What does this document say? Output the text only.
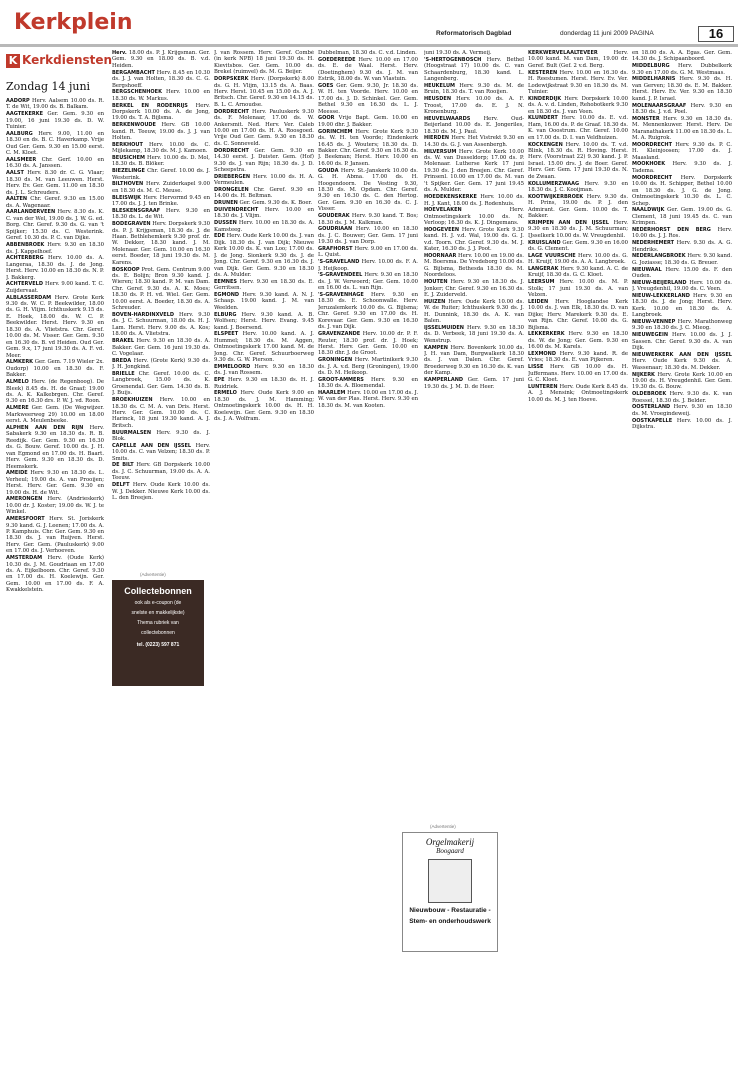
Kerkplein	Reformatorisch Dagblad	donderdag 11 juni 2009 PAGINA	16
K Kerkdiensten
Zondag 14 juni

AADORP Herv. Aalsem 10.00 ds. R. T. de Wit, 19.00 ds. B. Balkam.

AAGTEKERKE Ger. Gem. 9.30 en 19.00, 16 juni 19.30 ds. D. W. Tuinier.

AALBURG Herv. 9.00, 11.00 en 18.30 en ds. B. C. Haverkamp. Vrije Oud Ger. Gem. 9.30 en 15.00 eerst. C. M. Kloet.

AALSMEER Chr. Gerf. 10.00 en 16.30 ds. A. Janssen.

AALST Herv. 8.30 dr. C. G. Vlaar; 18.30 ds. M. van Leeuwen. Herst. Herv. Ev. Ger. Gem. 11.00 en 18.30 ds. J. L. Schreuders.

AALTEN Chr. Geref. 9.30 en 15.00 ds. A. Wagenaar.

AARLANDERVEEN Herv. 8.30 ds. K. C. van der Wel, 19.00 ds. J. W. G. ed. Borg. Chr. Geref. 9.30 ds. G. van 't Spijker; 15.30 ds. C. Westerink. Geref. 10.30 ds. P. C. van Dijke.

ABBENBROEK Herv. 9.30 en 18.30 ds. J. Kappelhoef.

ACHTERBERG Herv. 10.00 ds. A. Langeraa, 18.30 ds. J. de Jong. Herst. Herv. 10.00 en 18.30 ds. N. P. J. Bakkerg.

ACHTERVELD Herv. 9.00 kand. T. C. Zuijdervaat.

ALBLASSERDAM Herv. Grote Kerk 9.30 ds. W. C. P. Beekwilder, 18.00 ds. G. H. Vlijm. Ichthuskerk 9.15 ds. E. Hoek, 18.00 ds. W. C. P. Beekwilder. Herst. Herv. 9.30 en 18.30 ds. A. Vlietstra. Chr. Geref. 10.00 ds. M. Visser. Ger. Gem. 9.30 en 16.30 ds. B. vd Heiden. Oud Ger. Gem. 9.x, 17 juni 19.30 ds. A. F. vd. Meer.

ALMKERK Ger. Gem. 7.19 Wieler 2x. Oudorp) 10.00 en 18.30 ds. F. Bakker.

ALMELO Herv. (de Regenboog). De Bleek) 8.45 ds. H. de Graaf; 19.00 ds. A. K. Kalkebrgen. Chr. Geref. 9.30 en 16.30 drs. P. W. J. vd. Roon.

ALMERE Ger. Gem. (De Wegwijzer. Markweerweg 29) 10.00 en 18.00 eerst. A. Meulenbeeke.

ALPHEN AAN DEN RIJN Herv. Sabakerk 9.30 en 18.30 ds. R. B. Reedijk. Ger. Gem. 9.30 en 16.30 ds. G. Bouw. Geref. 10.00 ds. J. H. van Egmond en 17.00 ds. H. Baart. Herv. Gem. 9.30 en 18.30 ds. D. Heemskerk.

AMEIDE Herv. 9.30 en 18.30 ds. L. Verheul; 19.00 ds. A. van Prooijen; Herst. Herv. Ger. Gem. 9.30 en 19.00 ds. H. de Wit.

AMERONGEN Herv. (Andrieskerk) 10.00 dr. J. Koster; 19.00 ds. W. J. te Winkel.

AMERSFOORT Herv. St. Joriskerk 9.30 kand. G. J. Leenen; 17.00 ds. A. P. Kamphuis. Chr. Ger. Gem. 9.30 en 18.30 ds. J. van Ruijven. Herst. Herv. Ger. Gem. (Pauluskerk) 9.00 en 17.00 ds. J. Verhoeven.

AMSTERDAM Herv. (Oude Kerk) 10.30 ds. J. M. Goudriaan en 17.00 ds. A. Eijkelboom. Chr. Geref. 9.30 en 17.00 ds. H. Koelewijn. Ger. Gem. 10.00 en 17.00 ds. F. A. Kwakkelstein.

Herv. 18.00 ds. P. J. Krijgsman. Ger. Gem. 9.30 en 18.00 ds. B. v.d. Heiden.

BERGAMBACHT Herv. 8.45 en 10.30 ds. J. J. van Holten, 18.30 ds. C. G. Bergshoeff.

BERGSCHENHOEK Herv. 10.00 en 18.30 ds. W. Markus.

BERKEL EN RODENRIJS Herv. Dorpskerk 10.00 ds. A. de Jong, 19.00 ds. T. A. Bijlsma.

BERKENWOUDE Herv. GB 10.00 kand. R. Teeuw, 19.00 ds. J. J. van Holten.

BERKHOUT Herv. 10.00 ds. C. Mijlekamp, 18.30 ds. M. J. Kamoen.

BEUSICHEM Herv. 10.00 ds. D. Mol, 18.30 ds. B. Blöker.

BIEZELINGE Chr. Geref. 10.00 ds. J. Westerink.

BILTHOVEN Herv. Zuiderkapel 9.00 en 18.30 ds. M. C. Meuse.

BLEISWIJK Herv. Hervormd 9.45 en 17.00 ds. J. J. ten Brinke.

BLESKENSGRAAF Herv. 9.30 en 18.30 ds. L. de Wit.

BODEGRAVEN Herv. Dorpskerk 9.30 ds. P. J. Krijgsman, 18.30 ds. J. de Haan. Bethlehemkerk 9.30 prof. dr. W. Dekker, 18.30 kand. J. M. Molenaar. Ger. Gem. 10.00 en 16.30 eerst. Boeder, 18 juni 19.30 ds. M. Karens.

BOSKOOP Prot. Gem. Centrum 9.00 ds. E. Bolijn; Bron 9.30 kand. J. Wieren; 18.30 kand. P. M. van Dam. Chr. Geref. 9.30 ds. A. K. Moes; 18.30 ds. P. H. vd. Wiel. Ger. Gem. 10.00 eerst. A. Boeder, 18.30 ds. A. Schreuder.

BOVEN-HARDINXVELD Herv. 9.30 ds. J. C. Schuurman, 18.00 ds. H. J. Lam. Herst. Herv. 9.00 ds. A. Kos; 18.00 ds. A. Vlietstra.

BRAKEL Herv. 9.30 en 18.30 ds. A. Bakker. Ger. Gem. 16 juni 19.30 ds. C. Vogelaar.

BREDA Herv. (Grote Kerk) 9.30 ds. J. H. Jongkind.

BRIELLE Chr. Geref. 10.00 ds. C. Langbroek, 15.00 ds. K. Groenendal. Ger. Gem. 14.30 ds. B. J. Buijs.

BROEKHUIZEN Herv. 10.00 en 18.30 ds. C. M. A. van Dris. Herst. Herv. Ger. Gem. 10.00 ds. C. Harinck, 18 juni 19.30 kand. A. J. Britsch.

BUURMALSEN Herv. 9.30 ds. J. Blok.

CAPELLE AAN DEN IJSSEL Herv. 10.00 ds. C. van Velzen; 18.30 ds. P. Smits.

DE BILT Herv. GB Dorpskerk 10.00 ds. J. C. Schuurman, 19.00 ds. A. A. Teeuw.

DELFT Herv. Oude Kerk 10.00 ds. W. J. Dekker. Nieuwe Kerk 10.00 ds. L. den Breejen.

J. van Rossem. Herv. Geref. Combé (in kerk NPB) 18 juni 19.30 ds. H. Kievitsbos. Ger. Gem. 10.00 ds. Brekel (ruimvel) ds. M. G. Beijer.

DORPSKERK Herv. (Dorpskerk) 8.00 ds. G. H. Vlijm, 13.15 ds. A. Baas. Herv. Herst. 10.45 en 15.00 ds. A. J. Britsch. Chr. Geref. 9.30 en 14.15 ds. B. L. C. Arnoudse.

DORDRECHT Herv. Pauluskerk 9.30 ds. F. Molenaar, 17.00 ds. W. Ankersmit. Ned. Herv. Ver. Caleb 10.00 en 17.00 ds. H. A. Roosgoed. Vrije Oud Ger. Gem. 9.30 en 18.30 ds. C. Sonneveld.

DORDRECHT Ger. Gem. 9.30 en 14.30 eerst. J. Duister. Gem. (Hof) 9.30 ds. J. van Rijn; 18.30 ds. J. D. Scheepstra.

DRIEBERGEN Herv. 10.00 ds. H. A. Vermeulen.

DRONGELEN Chr. Geref. 9.30 en 14.00 ds. H. Beltman.

DRUNEN Ger. Gem. 9.30 ds. K. Boer.

DUIVENDRECHT Herv. 10.00 en 18.30 ds. J. Vlijm.

DUSSEN Herv. 10.00 en 18.30 ds. A. Kamsteeg.

EDE Herv. Oude Kerk 10.00 ds. J. van Dijk. 18.30 ds. J. van Dijk; Nieuwe Kerk 10.00 ds. K. van Loo; 17.00 ds. J. de Jong. Sionkerk 9.30 ds. J. de Jong. Chr. Geref. 9.30 en 16.30 ds. J. van Dijk. Ger. Gem. 9.30 en 18.30 ds. A. Mulder.

EEMNES Herv. 9.30 en 18.30 ds. E. Gerritsen.

EGMOND Herv. 9.30 kand. A. N. J. Schaap. 19.00 kand. J. M. van Weelden.

ELBURG Herv. 9.30 kand. A. B. Wolfsen; Herst. Herv. Evang. 9.45 kand. J. Boersend.

ELSPEET Herv. 10.00 kand. A. J. Hummel; 18.30 ds. M. Aggen, Ontmoetingskerk 17.00 kand. M. de Jong. Chr. Geref. Schuurboerweg 9.30 ds. G. W. Pierson.

EMMELOORD Herv. 9.30 en 18.30 ds. J. van Rossem.

EPE Herv. 9.30 en 18.30 ds. H. J. Ruidriek.

ERMELO Herv. Oude Kerk 9.00 en 18.30 ds. J. M. Hamming; Ontmoetingskerk 10.00 ds. H. H. Koelewijn. Ger. Gem. 9.30 en 18.30 ds. J. A. Wolfram.

Dubbelman, 18.30 ds. C. v.d. Linden.

GOEDEREEDE Herv. 10.00 en 17.00 ds. E. de Waal. Herst. Herv. (Doetinghem) 9.30 ds. J. M. van Estrik, 18.00 ds. W. van Vlastuin.

GOES Ger. Gem. 9.30, Jr. 18.30 ds. W. H. ten Voorde. Herv. 10.00 en 17.00 ds. J. D. Schinkel. Ger. Gem. Bethel 9.30 en 16.30 ds. L. J. Meesse.

GOOR Vrije Bapt. Gem. 10.00 en 19.00 dhr. J. Bakker.

GORINCHEM Herv. Grote Kerk 9.30 ds. W. H. ten Voorde; Eindenkerk 16.45 ds. J. Wouters; 18.30 ds. D. Bakker. Chr. Geref. 9.30 en 16.30 ds. J. Beekman; Herst. Herv. 10.00 en 16.00 ds. P. Jansen.

GOUDA Herv. St.-Janskerk 10.00 ds. G. H. Abma. 17.00 ds. H. Hoogendoorn. De Vesting 9.30, 18.30 ds. M. Opdam. Chr. Geref. 9.30 en 16.30 ds. C. den Hertog. Ger. Gem. 9.30 en 16.30 ds. C. J. Visser.

GOUDERAK Herv. 9.30 kand. T. Bos; 18.30 ds. J. M. Kalkman.

GOUDRIAAN Herv. 10.00 en 18.30 ds. J. C. Bouwer; Ger. Gem. 17 juni 19.30 ds. J. van Dorp.

GRAFHORST Herv. 9.00 en 17.00 ds. L. Quist.

'S-GRAVELAND Herv. 10.00 ds. F. A. J. Heijkoop.

'S-GRAVENDEEL Herv. 9.30 en 18.30 ds. J. W. Verwoerd; Ger. Gem. 10.00 en 16.00 ds. L. van Rijn.

'S-GRAVENHAGE Herv. 9.30 en 18.30 ds. E. Schoonwalle. Herv. Jeruzalemkerk 10.00 ds. G. Bijlsma; Chr. Geref. 9.30 en 17.00 ds. H. Korevaar. Ger. Gem. 9.30 en 16.30 ds. J. van Dijk.

GRAVENZANDE Herv. 10.00 dr. P. F. Reuter, 18.30 prof. dr. J. Hoek; Herst. Herv. Ger. Gem. 10.00 en 18.30 dhr. J. de Groot.

GRONINGEN Herv. Martinikerk 9.30 ds. J. A. v.d. Berg (Groningen), 19.00 ds. D. M. Heikoop.

GROOT-AMMERS Herv. 9.30 en 18.30 ds. A. Bloemendal.

HAARLEM Herv. 10.00 en 17.00 ds. J. W. van der Plas. Herst. Herv. 9.30 en 18.30 ds. M. van Kooten.

juni 19.30 ds. A. Vermeij.

'S-HERTOGENBOSCH Herv. Bethel (Hoogstraat 17) 10.00 ds. C. van Schaardenburg, 18.30 kand. L. Langenberg.

HEUKELUM Herv. 9.30 ds. M. de Bruin, 18.30 ds. T. van Rooijen.

HEUSDEN Herv. 10.00 ds. A. F. Troost, 17.00 ds. E. J. N. Kronenburg.

HEUVELWAARDS Herv. Oud-Beijerland 10.00 ds. E. Jongeriles, 18.30 ds. M. J. Paul.

HIERDEN Herv. Het Vistrekt 9.30 en 14.30 ds. G. J. van Assenbergh.

HILVERSUM Herv. Grote Kerk 10.00 ds. W. van Dusseldorp; 17.00 ds. P. Molenaar. Lutherse Kerk 17 juni 19.30 ds. J. den Breejen. Chr. Geref. Prinsenl. 10.00 en 17.00 ds. M. van 't Spijker. Ger. Gem. 17 juni 19.45 ds. A. Mulder.

HOEDEKENSKERKE Herv. 10.00 ds. H. J. Kant, 18.00 ds. J. Rodenhuis.

HOEVELAKEN	Herv. Ontmoetingskerk 10.00 ds. N. Verloop; 16.30 ds. K. J. Dingemans.

HOOGEVEEN Herv. Grote Kerk 9.30 kand. H. J. v.d. Wal, 19.00 ds. G. J. v.d. Toorn. Chr. Geref. 9.30 ds. M. J. Kater, 16.30 ds. J. J. Poot.

HOORNAAR Herv. 10.00 en 19.00 ds. M. Boersma. De Vredeborg 10.00 ds. G. Bijlsma, Bethesda 18.30 ds. M. Noordeloos.

HOUTEN Herv. 9.30 en 18.30 ds. J. Jonker; Chr. Geref. 9.30 en 16.30 ds. E. J. Zuiderveld.

HUIZEN Herv. Oude Kerk 10.00 ds. W. de Ruiter; Ichthuskerk 9.30 ds. J. H. Dunnink, 18.30 ds. A. K. van Balen.

IJSSELMUIDEN Herv. 9.30 en 18.30 ds. D. Verbeek, 18 juni 19.30 ds. A. Wenstrup.

KAMPEN Herv. Bovenkerk 10.00 ds. J. H. van Dam, Burgwalkerk 18.30 ds. J. van Dalen. Chr. Geref. Broederweg 9.30 en 16.30 ds. K. van der Kamp.

KAMPERLAND Ger. Gem. 17 juni 19.30 ds. J. M. D. de Heer.

KERKWERVELAALTEVEER	Herv. 10.00 kand. M. van Dam, 19.00 dr. Geref. Bult (Gef. 2 v.d. Berg.

KESTEREN Herv. 10.00 en 16.30 ds. H. Reestumen. Herst. Herv. Ev. Ver. Lodewijkstraat 9.30 en 18.30 ds. M. Tuinier.

KINDERDIJK Herv. Dorpskerk 10.00 ds. A. v. d. Linden, Rehobotkerk 9.30 en 18.30 ds. J. van Veen.

KLUNDERT Herv. 10.00 ds. E. v.d. Ham, 16.00 ds. P. de Graaf. 18.30 ds. K. van Ooostrum. Chr. Geref. 10.00 en 17.00 ds. D. I. van Veldhuizen.

KOCKENGEN Herv. 10.00 ds. T. v.d. Blink, 18.30 ds. R. Hoving. Herst. Herv. (Voorstraat 22) 9.30 kand. J. P. Israel. 15.00 drs. J. de Boer. Geref. Herv. Ger. Gem. 17 juni 19.30 ds. N. de Zwaan.

KOLLUMERZWAAG Herv. 9.30 en 18.30 ds. J. C. Kooijman.

KOOTWIJKERBROEK Herv. 9.30 ds. H. Prins, 19.00 ds. P. J. den Admirant. Ger. Gem. 10.00 ds. T. Bakker.

KRIMPEN AAN DEN IJSSEL Herv. 9.30 en 18.30 ds. J. M. Schuurman; IJsselkerk 10.00 ds. W. Vreugdenhil.

KRUISLAND Ger. Gem. 9.30 en 16.00 ds. G. Clement.

LAGE VUURSCHE Herv. 10.00 ds. G. H. Kruijf, 19.00 ds. A. A. Langbroek.

LANGERAK Herv. 9.30 kand. A. C. de Kruijf, 18.30 ds. G. C. Kloet.

LEERSUM Herv. 10.00 ds. M. P. Stolk; 17 juni 19.30 ds. A. van Velzen.

LEIDEN Herv. Hooglandse Kerk 10.00 ds. J. van Elk, 18.30 ds. D. van Dijke; Herv. Marekerk 9.30 ds. E. van Rijn. Chr. Geref. 10.00 ds. G. Bijlsma.

LEKKERKERK Herv. 9.30 en 18.30 ds. W. de Jong; Ger. Gem. 9.30 en 16.00 ds. M. Karels.

LEXMOND Herv. 9.30 kand. R. de Vries; 18.30 ds. E. van Pijkeren.

LISSE Herv. GB 10.00 ds. H. Juffermans. Herv. 10.00 en 17.00 ds. G. C. Kloet.

LUNTEREN Herv. Oude Kerk 8.45 ds. A. J. Mensink; Ontmoetingskerk 10.00 ds. M. J. ten Hoeve.

en 18.00 ds. A. A. Egas. Ger. Gem. 14.30 ds. J. Schipaanboord.

MIDDELBURG Herv. Dubbelkerk 9.30 en 17.00 ds. G. M. Westmaas.

MIDDELHARNIS Herv. 9.30 ds. H. van Gerven; 18.30 ds. E. M. Bakker. Herst. Herv. Ev. Ver. 9.30 en 18.30 kand. J. P. Israel.

MOLENAARSGRAAF Herv. 9.30 en 18.30 ds. J. v.d. Poel.

MONSTER Herv. 9.30 en 18.30 ds. M. Mennenkuwer. Herst. Herv. De Maranathakerk 11.00 en 18.30 ds. L. M. A. Ruigrok.

MOORDRECHT Herv. 9.30 ds. P. C. H. Kleinjoosen; 17.00 ds. J. Maasland.

MOOKHOEK Herv. 9.30 ds. J. Tadema.

MOORDRECHT Herv. Dorpskerk 10.00 ds. H. Schipper, Bethel 10.00 en 18.30 ds. J. G. de Jong. Ontmoetingskerk 10.30 ds. L. C. Schep.

NAALDWIJK Ger. Gem. 19.00 ds. G. Clement, 18 juni 19.45 ds. C. van Krimpen.

NEDERHORST DEN BERG Herv. 10.00 ds. J. J. Ros.

NEDERHEMERT Herv. 9.30 ds. A. G. Hendriks.

NEDERLANGBROEK Herv. 9.30 kand. G. Joziasse; 18.30 ds. G. Breuer.

NIEUWAAL Herv. 15.00 ds. F. den Ouden.

NIEUW-BEIJERLAND Herv. 10.00 ds. J. Vreugdenhil, 19.00 ds. C. Veen.

NIEUW-LEKKERLAND Herv. 9.30 en 18.30 ds. J. de Jong; Herst. Herv. Kerk. 10.00 en 18.30 ds. A. Langbroek.

NIEUW-VENNEP Herv. Marathonweg 9.30 en 18.30 ds. J. C. Mieog.

NIEUWEGEIN Herv. 10.00 ds. J. J. Sassen. Chr. Geref. 9.30 ds. A. van Dijk.

NIEUWERKERK AAN DEN IJSSEL Herv. Oude Kerk 9.30 ds. A. Wassenaar; 18.30 ds. M. Dekker.

NIJKERK Herv. Grote Kerk 10.00 en 19.00 ds. H. Vreugdenhil. Ger. Gem. 19.30 ds. G. Bouw.

OLDEBROEK Herv. 9.30 ds. K. van Roessel, 18.30 ds. J. Belder.

OOSTERLAND Herv. 9.30 en 18.30 ds. M. Vroegindeweij.

OOSTKAPELLE Herv. 10.00 ds. J. Dijkstra.

(Advertentie)
Collectebonnen
ook als e-coupon (de
snelste en makkelijkste)
Thema rubriek van
collectebonnen
tel. (0223) 597 871
(Advertentie)
Orgelmakerij
Boogaard
Nieuwbouw - Restauratie -
Stem- en onderhoudswerk
